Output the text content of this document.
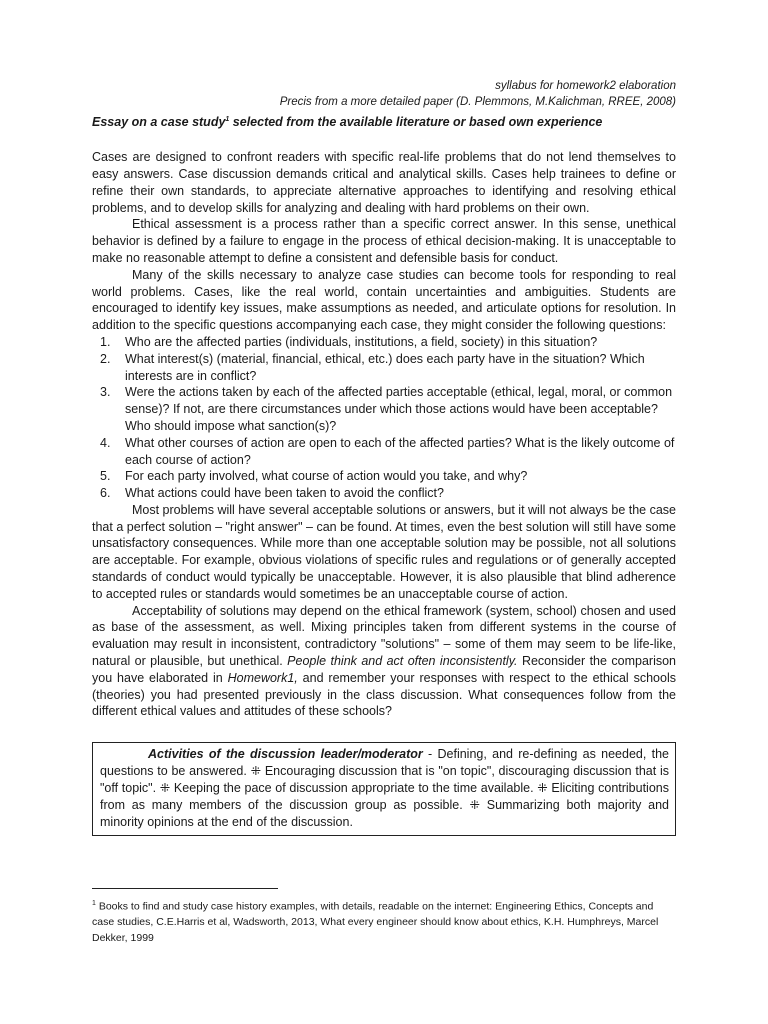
syllabus for homework2 elaboration
Precis from a more detailed paper (D. Plemmons, M.Kalichman, RREE, 2008)
Essay on a case study$^1$ selected from the available literature or based own experience

Cases are designed to confront readers with specific real-life problems that do not lend themselves to easy answers. Case discussion demands critical and analytical skills. Cases help trainees to define or refine their own standards, to appreciate alternative approaches to identifying and resolving ethical problems, and to develop skills for analyzing and dealing with hard problems on their own.

Ethical assessment is a process rather than a specific correct answer. In this sense, unethical behavior is defined by a failure to engage in the process of ethical decision-making. It is unacceptable to make no reasonable attempt to define a consistent and defensible basis for conduct.

Many of the skills necessary to analyze case studies can become tools for responding to real world problems. Cases, like the real world, contain uncertainties and ambiguities. Students are encouraged to identify key issues, make assumptions as needed, and articulate options for resolution. In addition to the specific questions accompanying each case, they might consider the following questions:

1. Who are the affected parties (individuals, institutions, a field, society) in this situation?
2. What interest(s) (material, financial, ethical, etc.) does each party have in the situation? Which interests are in conflict?
3. Were the actions taken by each of the affected parties acceptable (ethical, legal, moral, or common sense)? If not, are there circumstances under which those actions would have been acceptable? Who should impose what sanction(s)?
4. What other courses of action are open to each of the affected parties? What is the likely outcome of each course of action?
5. For each party involved, what course of action would you take, and why?
6. What actions could have been taken to avoid the conflict?

Most problems will have several acceptable solutions or answers, but it will not always be the case that a perfect solution – "right answer" – can be found. At times, even the best solution will still have some unsatisfactory consequences. While more than one acceptable solution may be possible, not all solutions are acceptable. For example, obvious violations of specific rules and regulations or of generally accepted standards of conduct would typically be unacceptable. However, it is also plausible that blind adherence to accepted rules or standards would sometimes be an unacceptable course of action.

Acceptability of solutions may depend on the ethical framework (system, school) chosen and used as base of the assessment, as well. Mixing principles taken from different systems in the course of evaluation may result in inconsistent, contradictory "solutions" – some of them may seem to be life-like, natural or plausible, but unethical. People think and act often inconsistently. Reconsider the comparison you have elaborated in Homework1, and remember your responses with respect to the ethical schools (theories) you had presented previously in the class discussion. What consequences follow from the different ethical values and attitudes of these schools?

Activities of the discussion leader/moderator - Defining, and re-defining as needed, the questions to be answered. ⁜ Encouraging discussion that is "on topic", discouraging discussion that is "off topic". ⁜ Keeping the pace of discussion appropriate to the time available. ⁜ Eliciting contributions from as many members of the discussion group as possible. ⁜ Summarizing both majority and minority opinions at the end of the discussion.
$^1$ Books to find and study case history examples, with details, readable on the internet: Engineering Ethics, Concepts and case studies, C.E.Harris et al, Wadsworth, 2013, What every engineer should know about ethics, K.H. Humphreys, Marcel Dekker, 1999
